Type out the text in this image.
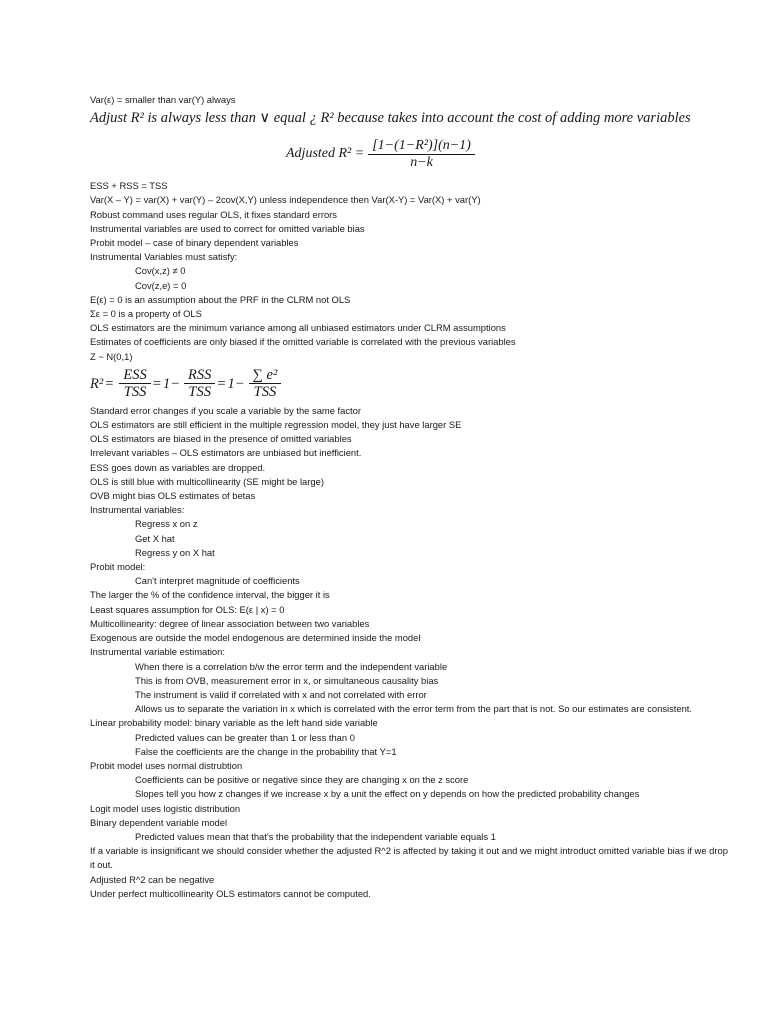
Var(ε) = smaller than var(Y) always
Adjust R² is always less than ∨ equal ¿ R² because takes into account the cost of adding more variables
Adjusted $R^2 = \frac{\text{[1−(1−R²)](n−1)}}{n-k}$
ESS + RSS = TSS
Var(X – Y) = var(X) + var(Y) – 2cov(X,Y) unless independence then Var(X-Y) = Var(X) + var(Y)
Robust command uses regular OLS, it fixes standard errors
Instrumental variables are used to correct for omitted variable bias
Probit model – case of binary dependent variables
Instrumental Variables must satisfy:
Cov(x,z) ≠ 0
Cov(z,e) = 0
E(ε) = 0 is an assumption about the PRF in the CLRM not OLS
Σε = 0 is a property of OLS
OLS estimators are the minimum variance among all unbiased estimators under CLRM assumptions
Estimates of coefficients are only biased if the omitted variable is correlated with the previous variables
Z ~ N(0,1)
$R^2 = \frac{\text{ESS}}{\text{TSS}} = 1- \frac{\text{RSS}}{\text{TSS}} = 1- \frac{\text{∑ e²}}{\text{TSS}}$
Standard error changes if you scale a variable by the same factor
OLS estimators are still efficient in the multiple regression model, they just have larger SE
OLS estimators are biased in the presence of omitted variables
Irrelevant variables – OLS estimators are unbiased but inefficient.
ESS goes down as variables are dropped.
OLS is still blue with multicollinearity (SE might be large)
OVB might bias OLS estimates of betas
Instrumental variables:
Regress x on z
Get X hat
Regress y on X hat
Probit model:
Can't interpret magnitude of coefficients
The larger the % of the confidence interval, the bigger it is
Least squares assumption for OLS: E(ε | x) = 0
Multicollinearity: degree of linear association between two variables
Exogenous are outside the model endogenous are determined inside the model
Instrumental variable estimation:
When there is a correlation b/w the error term and the independent variable
This is from OVB, measurement error in x, or simultaneous causality bias
The instrument is valid if correlated with x and not correlated with error
Allows us to separate the variation in x which is correlated with the error term from the part that is not. So our estimates are consistent.
Linear probability model: binary variable as the left hand side variable
Predicted values can be greater than 1 or less than 0
False the coefficients are the change in the probability that Y=1
Probit model uses normal distrubtion
Coefficients can be positive or negative since they are changing x on the z score
Slopes tell you how z changes if we increase x by a unit the effect on y depends on how the predicted probability changes
Logit model uses logistic distribution
Binary dependent variable model
Predicted values mean that that's the probability that the independent variable equals 1
If a variable is insignificant we should consider whether the adjusted R^2 is affected by taking it out and we might introduct omitted variable bias if we drop it out.
Adjusted R^2 can be negative
Under perfect multicollinearity OLS estimators cannot be computed.
